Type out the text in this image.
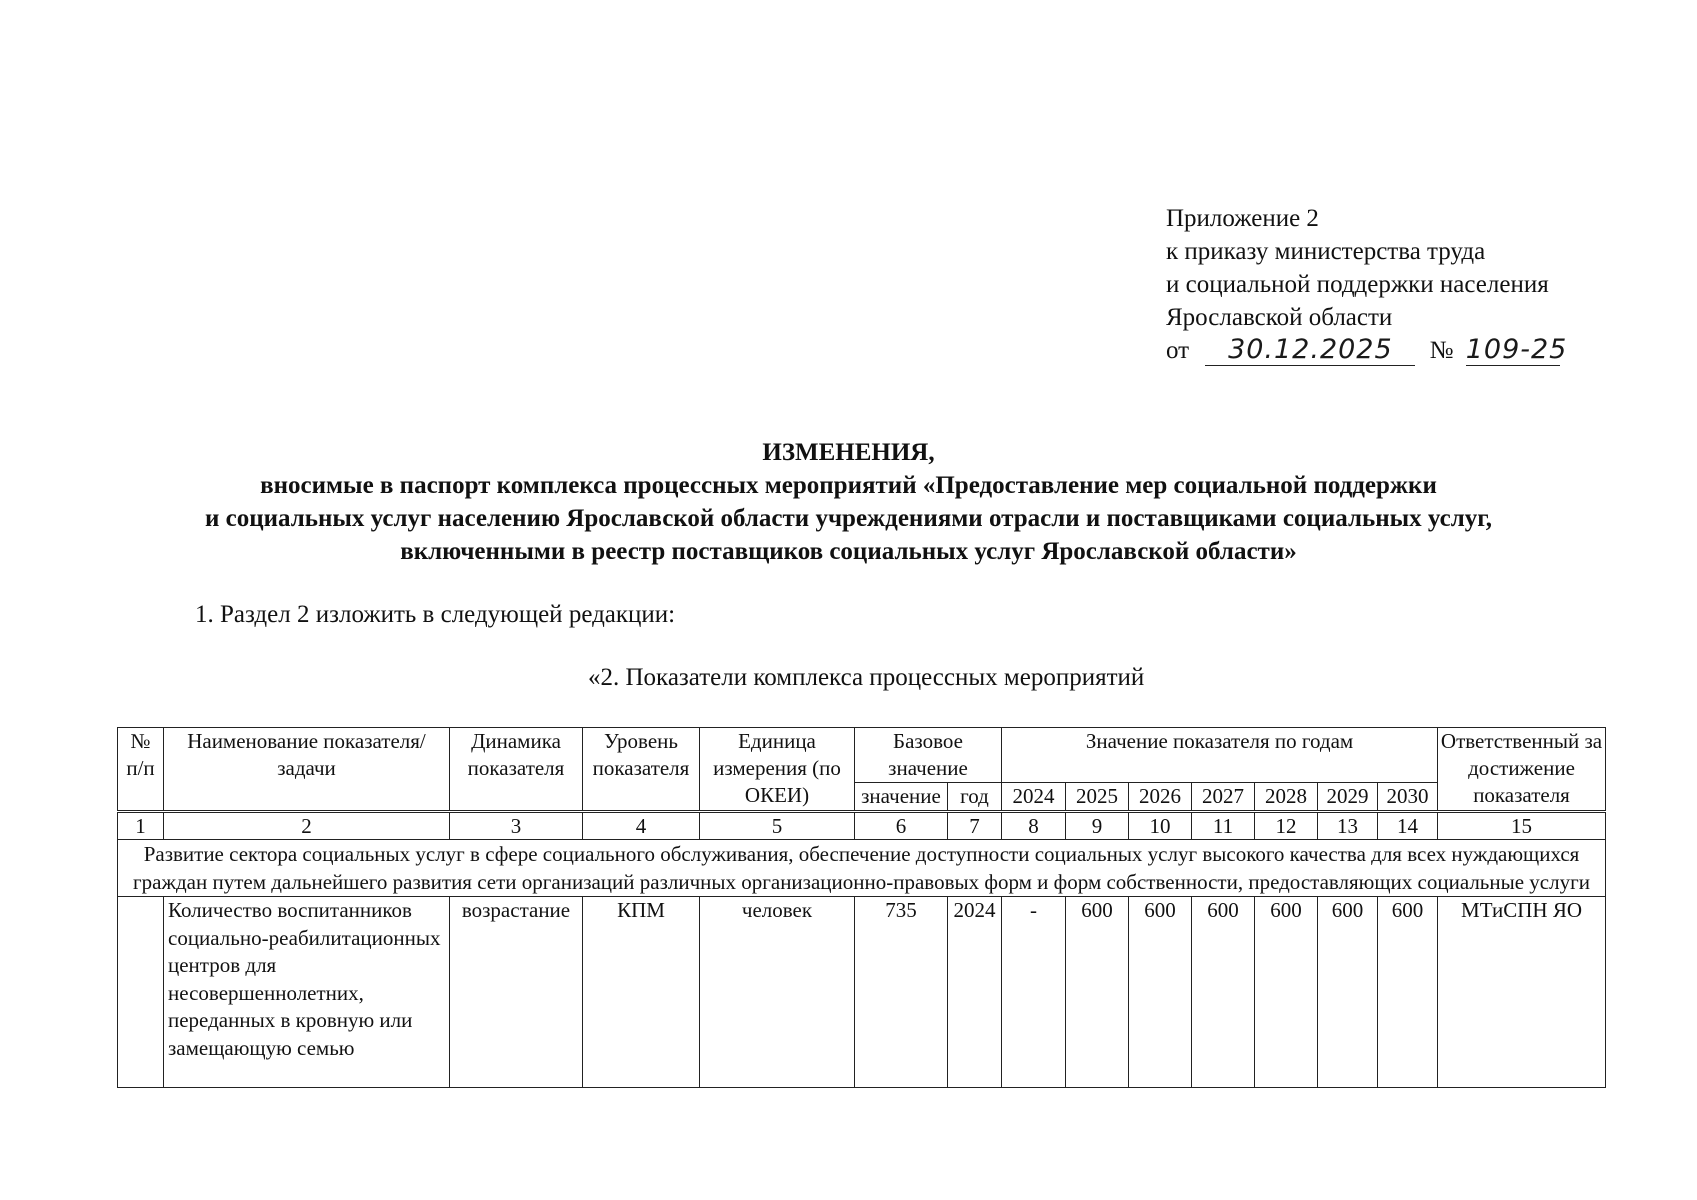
Приложение 2
к приказу министерства труда
и социальной поддержки населения
Ярославской области
от 30.12.2025 № 109-25
ИЗМЕНЕНИЯ,
вносимые в паспорт комплекса процессных мероприятий «Предоставление мер социальной поддержки
и социальных услуг населению Ярославской области учреждениями отрасли и поставщиками социальных услуг,
включенными в реестр поставщиков социальных услуг Ярославской области»
1. Раздел 2 изложить в следующей редакции:
«2. Показатели комплекса процессных мероприятий
№ п/п	Наименование показателя/задачи	Динамика показателя	Уровень показателя	Единица измерения (по ОКЕИ)	Базовое значение		Значение показателя по годам							Ответственный за достижение показателя

					значение	год	2024	2025	2026	2027	2028	2029	2030	
1	2	3	4	5	6	7	8	9	10	11	12	13	14	15
Развитие сектора социальных услуг в сфере социального обслуживания, обеспечение доступности социальных услуг высокого качества для всех нуждающихся граждан путем дальнейшего развития сети организаций различных организационно-правовых форм и форм собственности, предоставляющих социальные услуги														
	Количество воспитанников социально-реабилитационных центров для несовершеннолетних, переданных в кровную или замещающую семью	возрастание	КПМ	человек	735	2024	-	600	600	600	600	600	600	МТиСПН ЯО
